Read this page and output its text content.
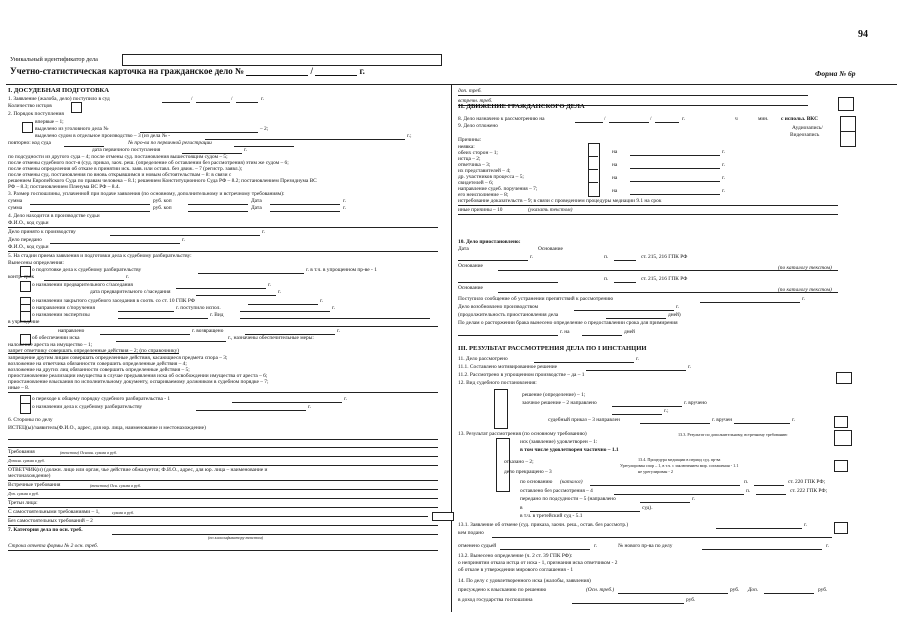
94
Уникальный идентификатор дела
Учетно-статистическая карточка на гражданское дело №	/	г.	Форма № 6р
I. ДОСУДЕБНАЯ ПОДГОТОВКА
1. Заявление (жалоба, дело) поступило в суд	/	/	г.
Количество истцов
2. Порядок поступления
впервые – 1;
выделено из уголовного дела №	– 2;
выделено судом в отдельное производство – 3 (из дела № -	г.;
повторно: код суда	№ про-ва по первичной регистрации
дата первичного поступления	г.
по подсудности из другого суда – 4; после отмены суд. постановления вышестоящим судом – 5;
после отмены судебного пост-я (суд. приказ, заоч. реш. (определение об оставлении без рассмотрения) этим же судом – 6;
после отмены определения об отказе в принятии иск. заяв. или оставл. без движ. – 7 (регистр. заявл.);
после отмены суд. постановления по вновь открывшимся и новым обстоятельствам – 8: в связи с
решением Европейского Суда по правам человека – 8.1; решением Конституционного Суда РФ – 8.2; постановлением Президиума ВС
РФ – 8.3; постановлением Пленума ВС РФ – 8.4.
3. Размер госпошлины, уплаченной при подаче заявления (по основному, дополнительному и встречному требованиям):
сумма	руб. коп	Дата	г.
сумма	руб. коп	Дата	г.
4. Дело находится в производстве судьи
Ф.И.О., код судьи
Дело принято к производству	г.
Дело передано	г.
Ф.И.О., код судьи
5. На стадии приема заявления и подготовки дела к судебному разбирательству:
Вынесены определения:
о подготовке дела к судебному разбирательству	г. в т.ч. в упрощенном пр-ве - 1
контр. срок	г.
о назначении предварительного с/заседания	г.
дата предварительного с/заседания	г.
о назначении закрытого судебного заседания в соотв. со ст. 10 ГПК РФ	г.
о направлении с/поручения	г. поступило испол.	г.
о назначении экспертизы	г. Вид
в учреждение
направлено	г. возвращено	г.
об обеспечении иска	г., назначены обеспечительные меры:
наложение ареста на имущество – 1;
запрет ответчику совершать определенные действия – 2; (по справочнику)
запрещение другим лицам совершать определенные действия, касающиеся предмета спора – 3;
возложение на ответчика обязанности совершить определенные действия – 4;
возложение на других лиц обязанности совершить определенные действия – 5;
приостановление реализации имущества в случае предъявления иска об освобождении имущества от ареста – 6;
приостановление взыскания по исполнительному документу, оспариваемому должником в судебном порядке – 7;
иные – 8.
о переходе к общему порядку судебного разбирательства - 1	г.
о назначении дела к судебному разбирательству	г.
6. Стороны по делу
ИСТЕЦ(ы)/заявитель(Ф.И.О., адрес, для юр. лица, наименование и местонахождение)
Требования	(текстом) Основн. сумма в руб.
Дополн. сумма в руб.
ОТВЕТЧИК(и) (должн. лицо или орган, чье действие обжалуется; Ф.И.О., адрес, для юр. лица – наименование и
местонахождение)
Встречные требования	(текстом) Осн. сумма в руб.
Доп. сумма в руб.
Третьи лица:
С самостоятельными требованиями – 1,	сумма в руб.
Без самостоятельных требований – 2
7. Категория дела по осн. треб.
(по классификатору текстом)
Строка отчета формы № 2 осн. треб.
доп. треб.
встречн. треб.
II. ДВИЖЕНИЕ ГРАЖДАНСКОГО ДЕЛА
8. Дело назначено к рассмотрению на	/	/	г.	ч	мин. с использ. ВКС
9. Дело отложено	Аудиозапись/
Видеозапись
Причины:
неявка:
обеих сторон – 1;
истца – 2;
ответчика – 3;
их представителей – 4;
др. участников процесса – 5;
свидетелей – 6;
направление судеб. поручения – 7;
его неисполнение – 8;
на	г.
на	г.
на	г.
на	г.
истребование доказательств – 9; в связи с проведением процедуры медиации 9.1 на срок
иные причины – 10	(указать текстом)
10. Дело приостановлено:
Дата	Основание
г.	п.	ст. 215, 216 ГПК РФ
Основание	(по каталогу текстом)
п.	ст. 215, 216 ГПК РФ
Основание	(по каталогу текстом)
Поступило сообщение об устранении препятствий к рассмотрению	г.
Дело возобновлено производством	г.
(продолжительность приостановления дела	дней)
По делам о расторжении брака вынесено определение о предоставлении срока для примирения
г. на	дней
III. РЕЗУЛЬТАТ РАССМОТРЕНИЯ ДЕЛА ПО I ИНСТАНЦИИ
11. Дело рассмотрено	г.
11.1. Составлено мотивированное решение	г.
11.2. Рассмотрено в упрощенном производстве – да – 1
12. Вид судебного постановления:
решение (определение) – 1;
заочное решение – 2 направлено	г. вручено
г.;
судебный приказ – 3 направлен	г. вручен	г.
13. Результат рассмотрения (по основному требованию)	13.3. Результат по дополнительному, встречному требованию
иск (заявление) удовлетворен – 1:
в том числе удовлетворен частично – 1.1
отказано – 2;	13.4. Процедура медиации в период суд. пр-ва
Урегулирован спор – 1, в т.ч. с заключением мир. соглашения - 1.1
не урегулирован - 2
дело прекращено – 3
по основанию (каталог)	п.	ст. 220 ГПК РФ;
оставлено без рассмотрения – 4	п.	ст. 222 ГПК РФ;
передано по подсудности – 5 (направлено	г.
в	суд).
в т.ч. в третейский суд - 5.1
13.1. Заявление об отмене (суд. приказа, заочн. реш., остав. без рассмотр.)	г.
кем подано
отменено судьей	г.	№ нового пр-ва по делу	г.
13.2. Вынесено определение (ч. 2 ст. 39 ГПК РФ):
о непринятии отказа истца от иска - 1, признания иска ответчиком - 2
об отказе в утверждении мирового соглашения - 1
14. По делу с удовлетворенного иска (жалобы, заявления)
присуждено к взысканию по решению	(Осн. треб.)	руб. Доп.	руб.
в доход государства госпошлина	руб.
